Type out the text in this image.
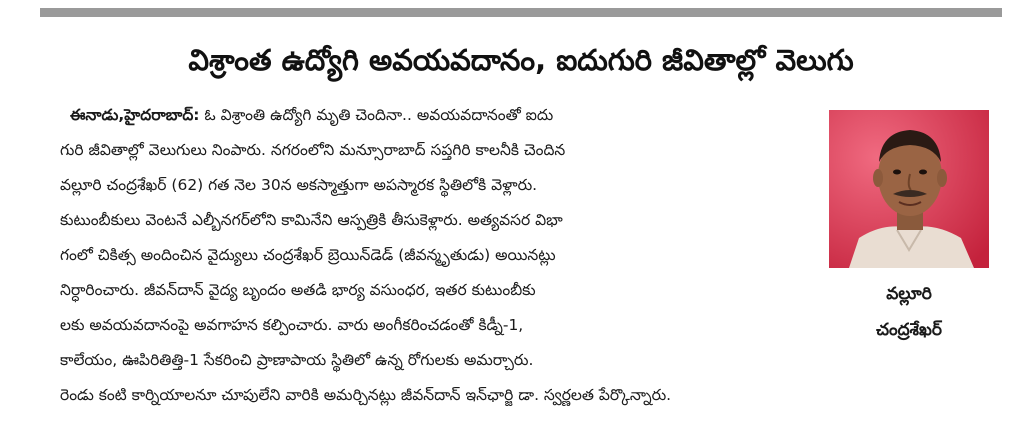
విశ్రాంత ఉద్యోగి అవయవదానం, ఐదుగురి జీవితాల్లో వెలుగు
ఈనాడు,హైదరాబాద్: ఓ విశ్రాంతి ఉద్యోగి మృతి చెందినా.. అవయవదానంతో ఐదు
గురి జీవితాల్లో వెలుగులు నింపారు. నగరంలోని మన్సూరాబాద్ సప్తగిరి కాలనీకి చెందిన
వల్లూరి చంద్రశేఖర్ (62) గత నెల 30న అకస్మాత్తుగా అపస్మారక స్థితిలోకి వెళ్లారు.
కుటుంబీకులు వెంటనే ఎల్బీనగర్‌లోని కామినేని ఆస్పత్రికి తీసుకెళ్లారు. అత్యవసర విభా
గంలో చికిత్స అందించిన వైద్యులు చంద్రశేఖర్ బ్రెయిన్‌డెడ్ (జీవన్మృతుడు) అయినట్లు
నిర్ధారించారు. జీవన్‌దాన్ వైద్య బృందం అతడి భార్య వసుంధర, ఇతర కుటుంబీకు
లకు అవయవదానంపై అవగాహన కల్పించారు. వారు అంగీకరించడంతో కిడ్నీ-1,
కాలేయం, ఊపిరితిత్తి-1 సేకరించి ప్రాణాపాయ స్థితిలో ఉన్న రోగులకు అమర్చారు.
రెండు కంటి కార్నియాలనూ చూపులేని వారికి అమర్చినట్లు జీవన్‌దాన్ ఇన్‌ఛార్జి డా. స్వర్ణలత పేర్కొన్నారు.
వల్లూరి
చంద్రశేఖర్
